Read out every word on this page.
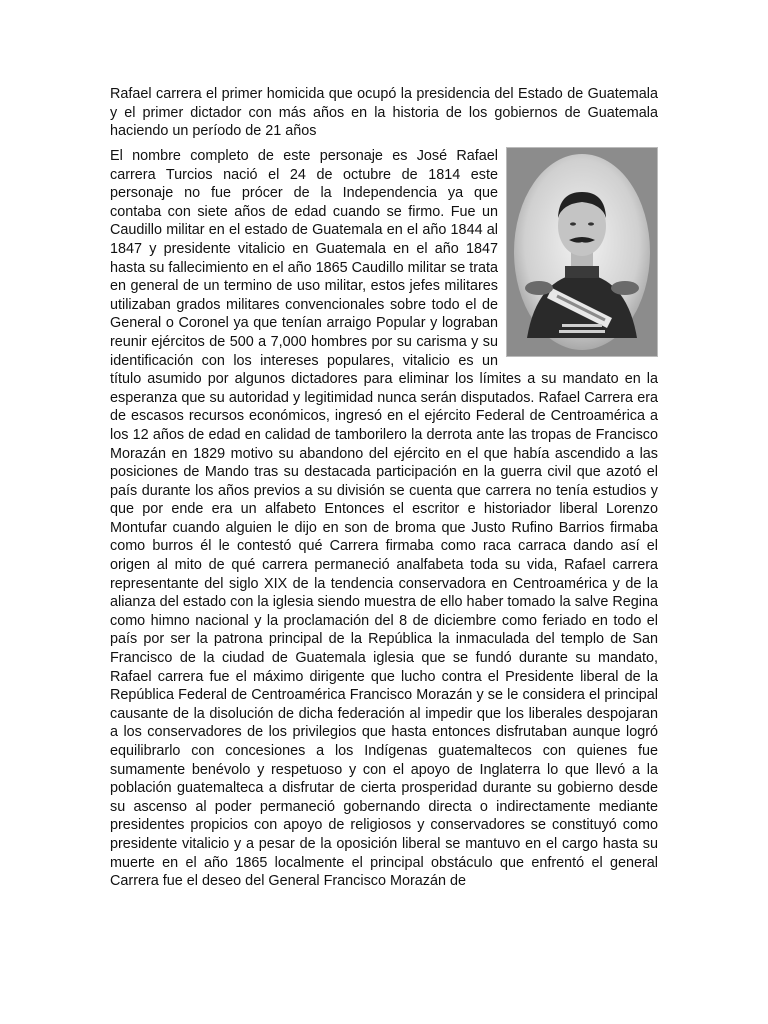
Rafael carrera el primer homicida que ocupó la presidencia del Estado de Guatemala y el primer dictador con más años en la historia de los gobiernos de Guatemala haciendo un período de 21 años

El nombre completo de este personaje es José Rafael carrera Turcios nació el 24 de octubre de 1814 este personaje no fue prócer de la Independencia ya que contaba con siete años de edad cuando se firmo. Fue un Caudillo militar en el estado de Guatemala en el año 1844 al 1847 y presidente vitalicio en Guatemala en el año 1847 hasta su fallecimiento en el año 1865 Caudillo militar se trata en general de un termino de uso militar, estos jefes militares utilizaban grados militares convencionales sobre todo el de General o Coronel ya que tenían arraigo Popular y lograban reunir ejércitos de 500 a 7,000 hombres por su carisma y su identificación con los intereses populares, vitalicio es un título asumido por algunos dictadores para eliminar los límites a su mandato en la esperanza que su autoridad y legitimidad nunca serán disputados. Rafael Carrera era de escasos recursos económicos, ingresó en el ejército Federal de Centroamérica a los 12 años de edad en calidad de tamborilero la derrota ante las tropas de Francisco Morazán en 1829 motivo su abandono del ejército en el que había ascendido a las posiciones de Mando tras su destacada participación en la guerra civil que azotó el país durante los años previos a su división se cuenta que carrera no tenía estudios y que por ende era un alfabeto Entonces el escritor e historiador liberal Lorenzo Montufar cuando alguien le dijo en son de broma que Justo Rufino Barrios firmaba como burros él le contestó qué Carrera firmaba como raca carraca dando así el origen al mito de qué carrera permaneció analfabeta toda su vida, Rafael carrera representante del siglo XIX de la tendencia conservadora en Centroamérica y de la alianza del estado con la iglesia siendo muestra de ello haber tomado la salve Regina como himno nacional y la proclamación del 8 de diciembre como feriado en todo el país por ser la patrona principal de la República la inmaculada del templo de San Francisco de la ciudad de Guatemala iglesia que se fundó durante su mandato, Rafael carrera fue el máximo dirigente que lucho contra el Presidente liberal de la República Federal de Centroamérica Francisco Morazán y se le considera el principal causante de la disolución de dicha federación al impedir que los liberales despojaran a los conservadores de los privilegios que hasta entonces disfrutaban aunque logró equilibrarlo con concesiones a los Indígenas guatemaltecos con quienes fue sumamente benévolo y respetuoso y con el apoyo de Inglaterra lo que llevó a la población guatemalteca a disfrutar de cierta prosperidad durante su gobierno desde su ascenso al poder permaneció gobernando directa o indirectamente mediante presidentes propicios con apoyo de religiosos y conservadores se constituyó como presidente vitalicio y a pesar de la oposición liberal se mantuvo en el cargo hasta su muerte en el año 1865 localmente el principal obstáculo que enfrentó el general Carrera fue el deseo del General Francisco Morazán de
